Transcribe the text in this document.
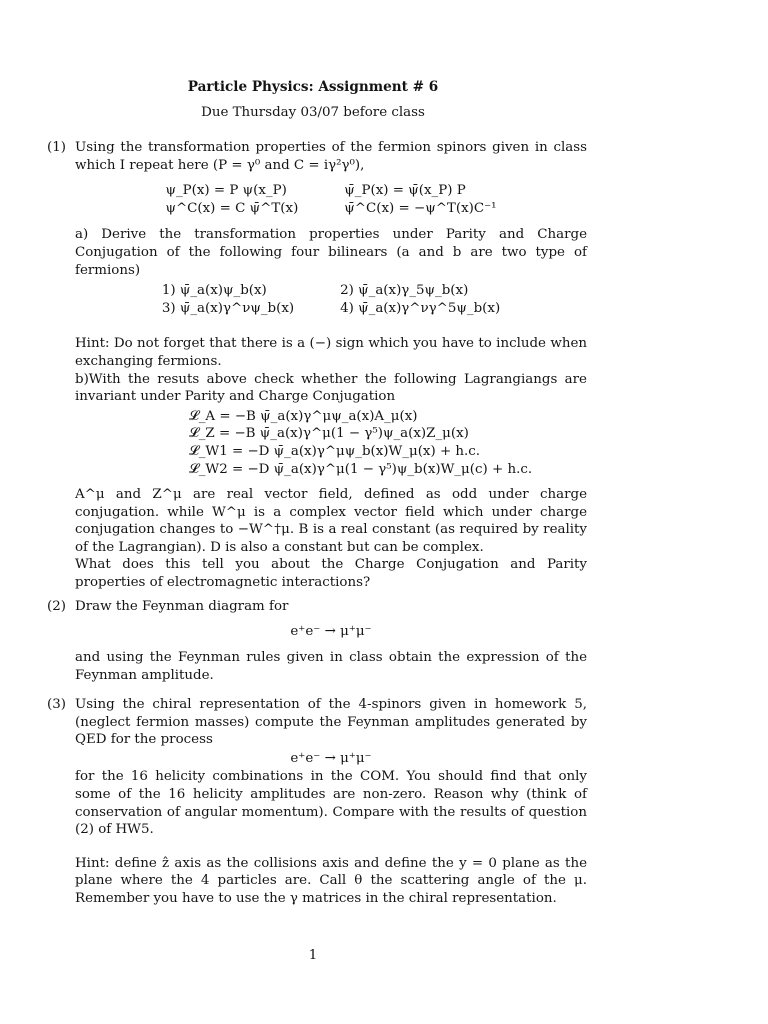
Particle Physics: Assignment # 6
Due Thursday 03/07 before class
(1) Using the transformation properties of the fermion spinors given in class which I repeat here (P = γ⁰ and C = iγ²γ⁰),

ψ_P(x) = P ψ(x_P)	ψ̄_P(x) = ψ̄(x_P) P
ψ^C(x) = C ψ̄^T(x)	ψ̄^C(x) = −ψ^T(x)C⁻¹

a) Derive the transformation properties under Parity and Charge Conjugation of the following four bilinears (a and b are two type of fermions)

1) ψ̄_a(x)ψ_b(x)	2) ψ̄_a(x)γ_5ψ_b(x)
3) ψ̄_a(x)γ^νψ_b(x)	4) ψ̄_a(x)γ^νγ^5ψ_b(x)

Hint: Do not forget that there is a (−) sign which you have to include when exchanging fermions.

b)With the resuts above check whether the following Lagrangiangs are invariant under Parity and Charge Conjugation

𝓛_A = −B ψ̄_a(x)γ^μψ_a(x)A_μ(x)
𝓛_Z = −B ψ̄_a(x)γ^μ(1 − γ⁵)ψ_a(x)Z_μ(x)
𝓛_W1 = −D ψ̄_a(x)γ^μψ_b(x)W_μ(x) + h.c.
𝓛_W2 = −D ψ̄_a(x)γ^μ(1 − γ⁵)ψ_b(x)W_μ(c) + h.c.

A^μ and Z^μ are real vector field, defined as odd under charge conjugation. while W^μ is a complex vector field which under charge conjugation changes to −W^†μ. B is a real constant (as required by reality of the Lagrangian). D is also a constant but can be complex.

What does this tell you about the Charge Conjugation and Parity properties of electromagnetic interactions?

(2) Draw the Feynman diagram for

e⁺e⁻ → μ⁺μ⁻

and using the Feynman rules given in class obtain the expression of the Feynman amplitude.

(3) Using the chiral representation of the 4-spinors given in homework 5, (neglect fermion masses) compute the Feynman amplitudes generated by QED for the process

e⁺e⁻ → μ⁺μ⁻

for the 16 helicity combinations in the COM. You should find that only some of the 16 helicity amplitudes are non-zero. Reason why (think of conservation of angular momentum). Compare with the results of question (2) of HW5.

Hint: define ẑ axis as the collisions axis and define the y = 0 plane as the plane where the 4 particles are. Call θ the scattering angle of the μ. Remember you have to use the γ matrices in the chiral representation.

1
